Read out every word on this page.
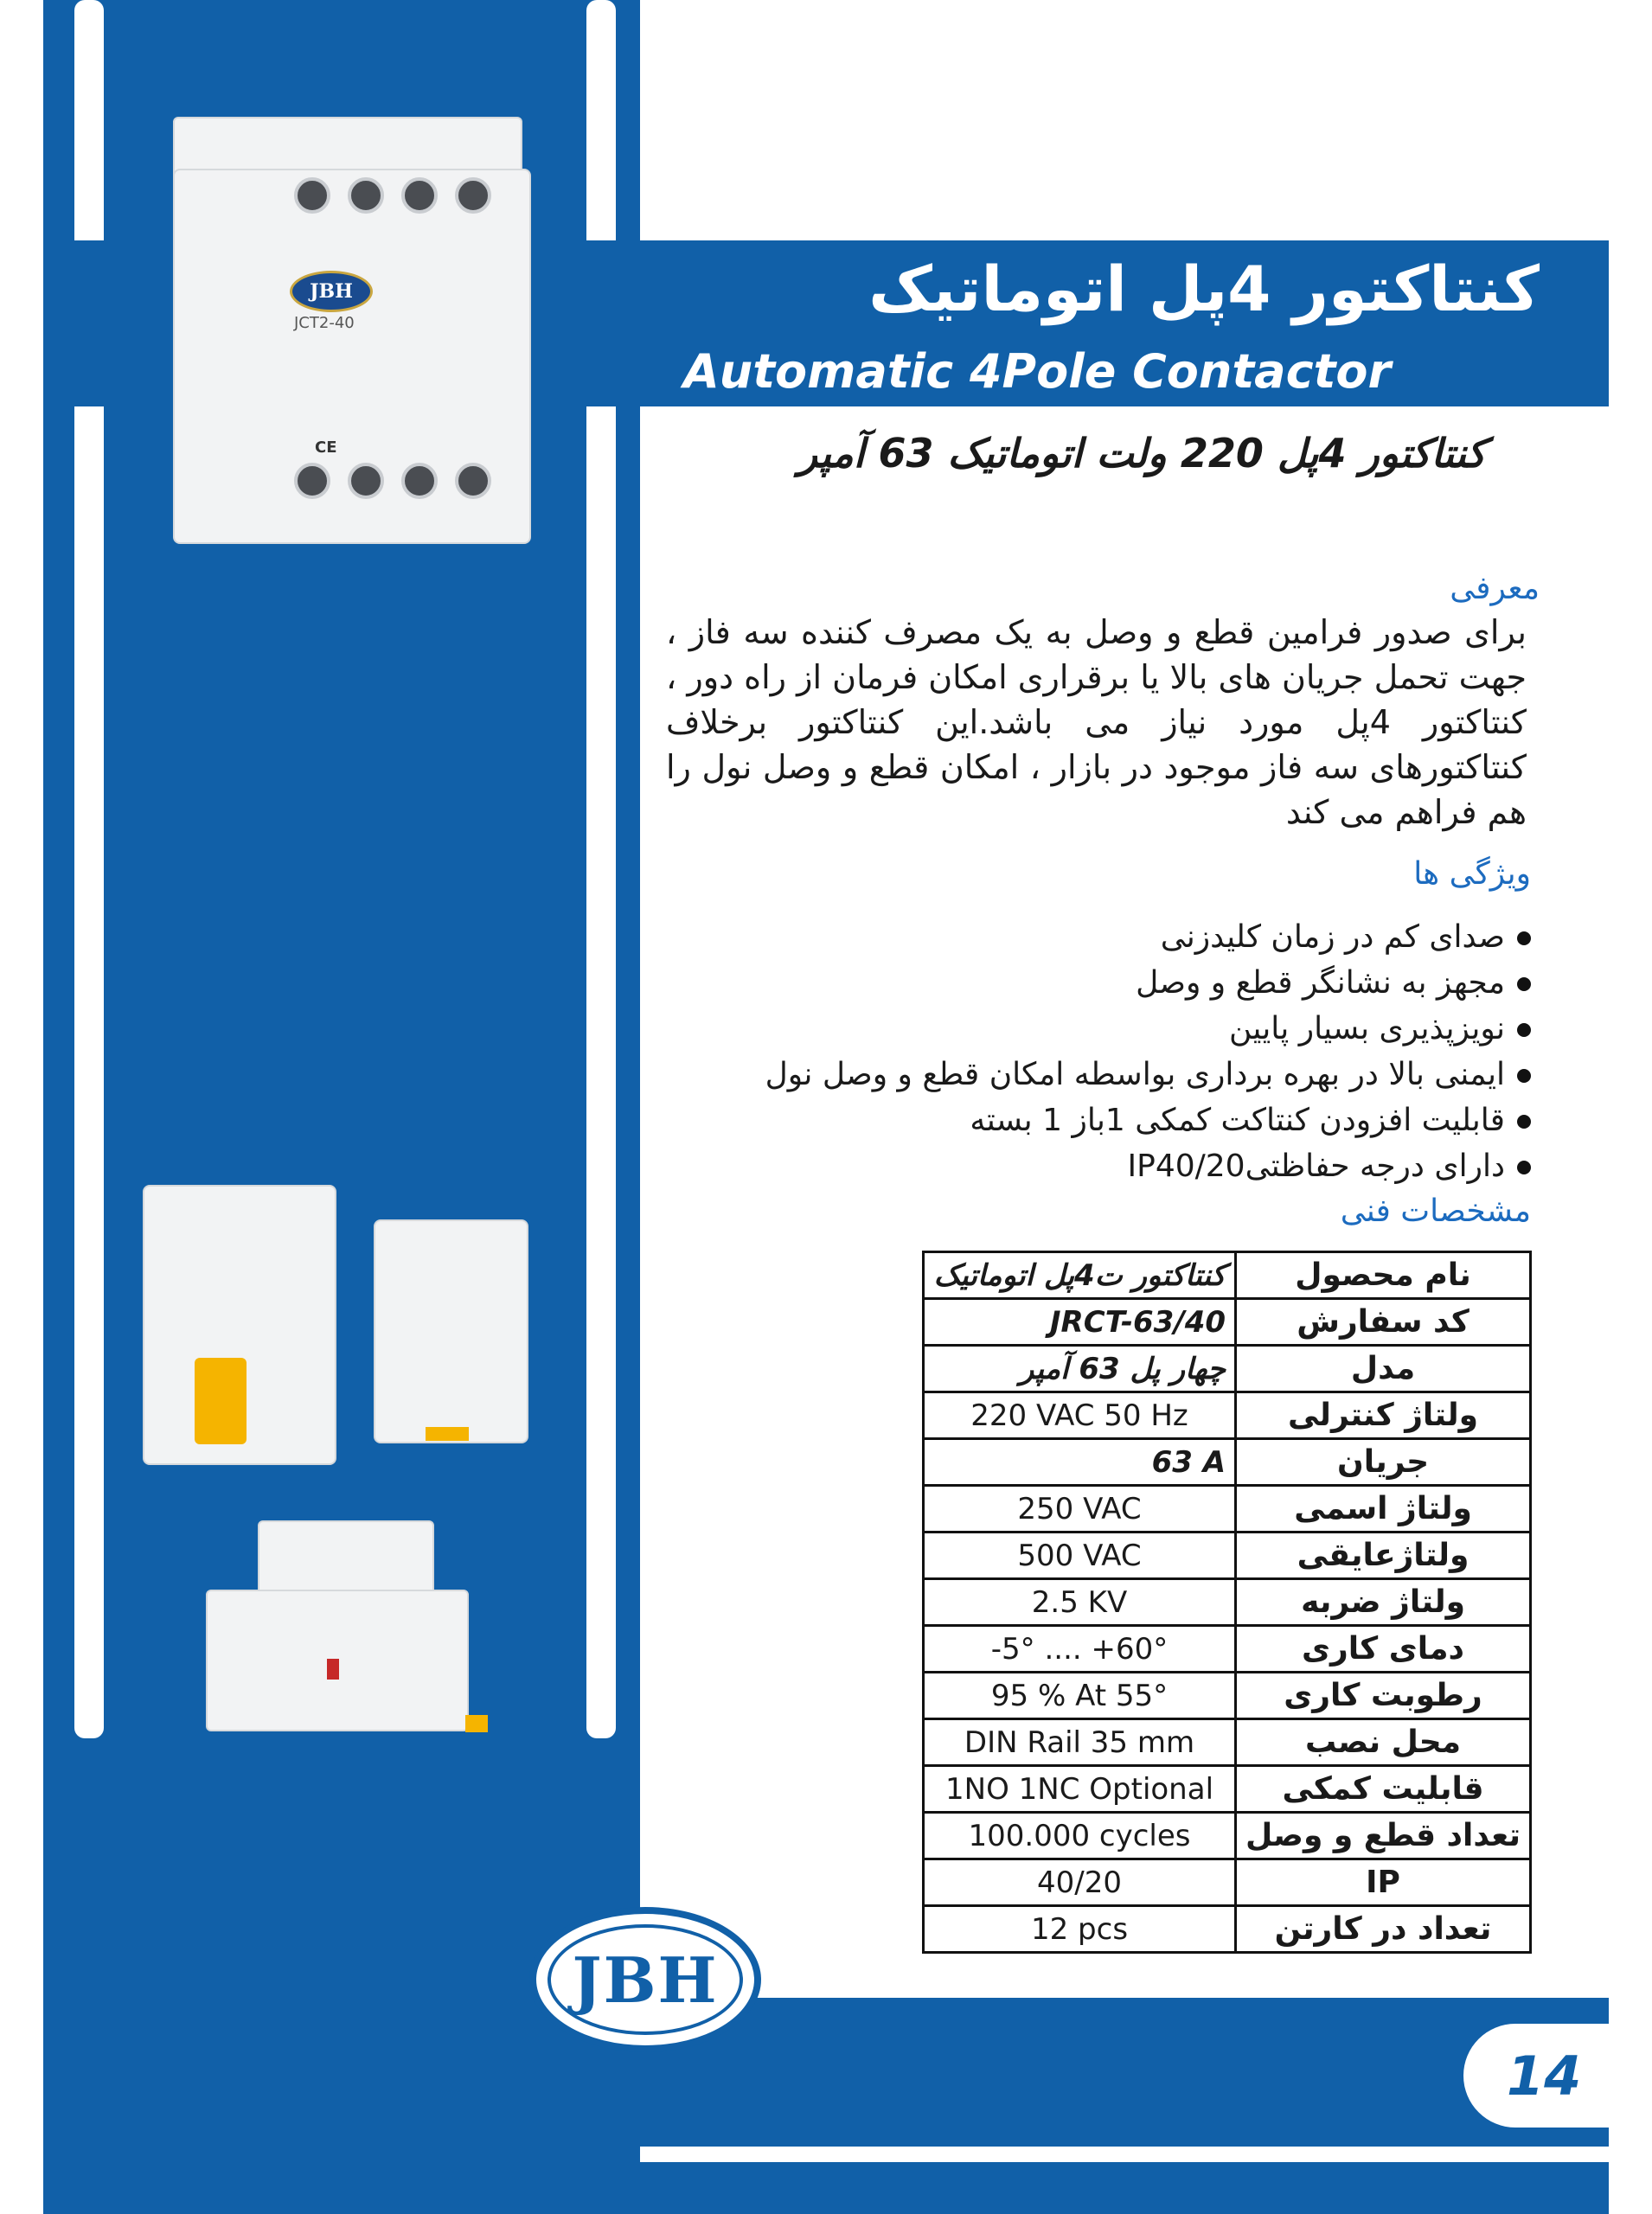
JBH
JCT2-40
CE
کنتاکتور 4پل اتوماتیک
Automatic 4Pole Contactor
کنتاکتور 4پل 220 ولت اتوماتیک 63 آمپر
معرفی
برای صدور فرامین قطع و وصل به یک مصرف کننده سه فاز ، جهت تحمل جریان های بالا یا برقراری امکان فرمان از راه دور ، کنتاکتور 4پل مورد نیاز می باشد.این کنتاکتور برخلاف کنتاکتورهای سه فاز موجود در بازار ، امکان قطع و وصل نول را هم فراهم می کند
ویژگی ها
صدای کم در زمان کلیدزنی
مجهز به نشانگر قطع و وصل
نویزپذیری بسیار پایین
ایمنی بالا در بهره برداری بواسطه امکان قطع و وصل نول
قابلیت افزودن کنتاکت کمکی 1باز 1 بسته
دارای درجه حفاظتیIP40/20
مشخصات فنی
کنتاکتور ت4پل اتوماتیک	نام محصول
JRCT-63/40	کد سفارش
چهار پل 63 آمپر	مدل
220 VAC 50 Hz	ولتاژ کنترلی
63 A	جریان
250 VAC	ولتاژ اسمی
500 VAC	ولتاژعایقی
2.5 KV	ولتاژ ضربه
-5° .... +60°	دمای کاری
95 % At 55°	رطوبت کاری
DIN Rail 35 mm	محل نصب
1NO 1NC Optional	قابلیت کمکی
100.000 cycles	تعداد قطع و وصل
40/20	IP
12 pcs	تعداد در کارتن
JBH
14
